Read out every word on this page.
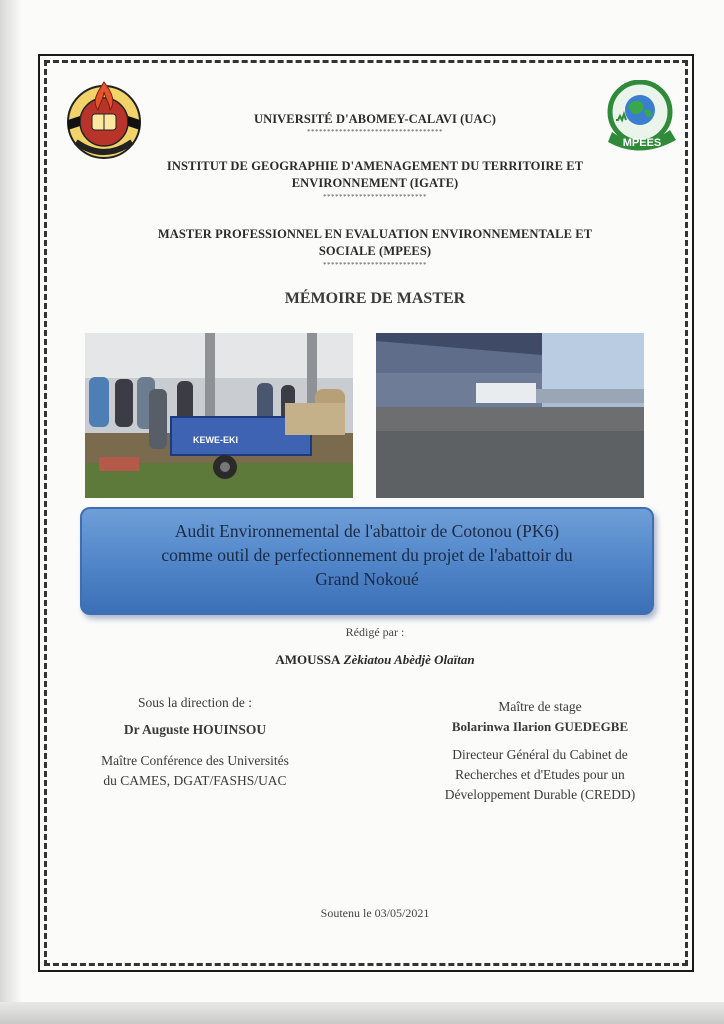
MPEES
UNIVERSITÉ D'ABOMEY-CALAVI (UAC)
**********************************
INSTITUT DE GEOGRAPHIE D'AMENAGEMENT DU TERRITOIRE ET
ENVIRONNEMENT (IGATE)
**************************
MASTER PROFESSIONNEL EN EVALUATION ENVIRONNEMENTALE ET
SOCIALE (MPEES)
**************************
MÉMOIRE DE MASTER
KEWE-EKI
Audit Environnemental de l'abattoir de Cotonou (PK6)
comme outil de perfectionnement du projet de l'abattoir du
Grand Nokoué
Rédigé par :
AMOUSSA Zèkiatou Abèdjè Olaïtan
Sous la direction de :
Dr Auguste HOUINSOU
Maître Conférence des Universités
du CAMES, DGAT/FASHS/UAC
Maître de stage
Bolarinwa Ilarion GUEDEGBE
Directeur Général du Cabinet de
Recherches et d'Etudes pour un
Développement Durable (CREDD)
Soutenu le 03/05/2021
